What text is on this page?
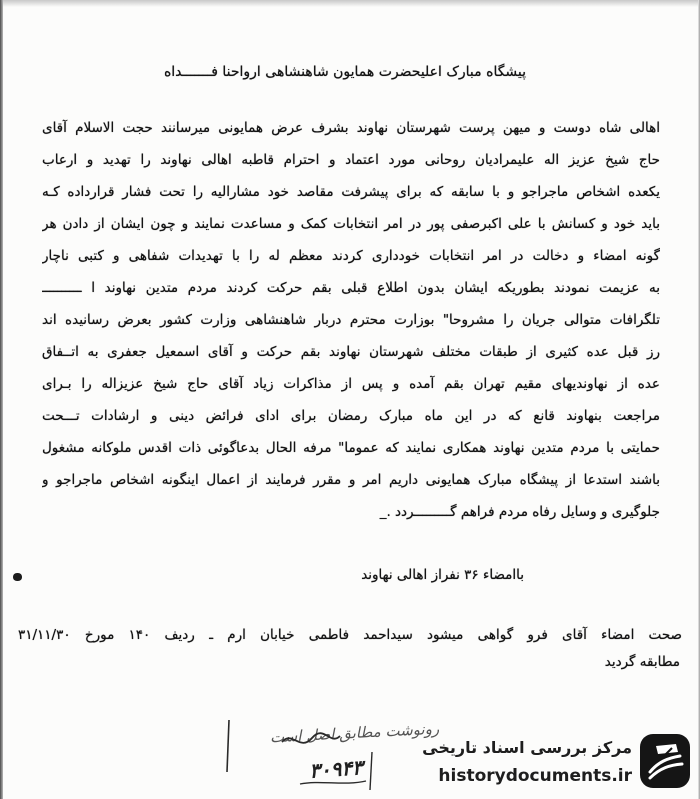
پیشگاه مبارک اعلیحضرت همایون شاهنشاهی ارواحنا فـــــــداه
اهالی شاه دوست و میهن پرست شهرستان نهاوند بشرف عرض همایونی میرسانند حجت الاسلام آقای
حاج شیخ عزیز اله علیمرادیان روحانی مورد اعتماد و احترام قاطبه اهالی نهاوند را تهدید و ارعاب
یکعده اشخاص ماجراجو و با سابقه که برای پیشرفت مقاصد خود مشارالیه را تحت فشار قرارداده کـه
باید خود و کسانش با علی اکبرصفی پور در امر انتخابات کمک و مساعدت نمایند و چون ایشان از دادن هر
گونه امضاء و دخالت در امر انتخابات خودداری کردند معظم له را با تهدیدات شفاهی و کتبی ناچار
به عزیمت نمودند بطوریکه ایشان بدون اطلاع قبلی بقم حرکت کردند مردم متدین نهاوند ا ــــــــــ
تلگرافات متوالی جریان را مشروحا" بوزارت محترم دربار شاهنشاهی وزارت کشور بعرض رسانیده اند
رز قبل عده کثیری از طبقات مختلف شهرستان نهاوند بقم حرکت و آقای اسمعیل جعفری به اتــفاق
عده از نهاوندیهای مقیم تهران بقم آمده و پس از مذاکرات زیاد آقای حاج شیخ عزیزاله را بـرای
مراجعت بنهاوند قانع که در این ماه مبارک رمضان برای ادای فرائض دینی و ارشادات تـــحت
حمایتی با مردم متدین نهاوند همکاری نمایند که عموما" مرفه الحال بدعاگوئی ذات اقدس ملوکانه مشغول
باشند استدعا از پیشگاه مبارک همایونی داریم امر و مقرر فرمایند از اعمال اینگونه اشخاص ماجراجو و
جلوگیری و وسایل رفاه مردم فراهم گـــــــــردد ._
باامضاء ۳۶ نفراز اهالی نهاوند
صحت امضاء آقای فرو گواهی میشود سیداحمد فاطمی خیابان ارم ـ ردیف ۱۴۰ مورخ ۳۱/۱۱/۳۰
مطابقه گردید
رونوشت مطابق اصل است
۳۰۹۴۳
مرکز بررسی اسناد تاریخی
historydocuments.ir
